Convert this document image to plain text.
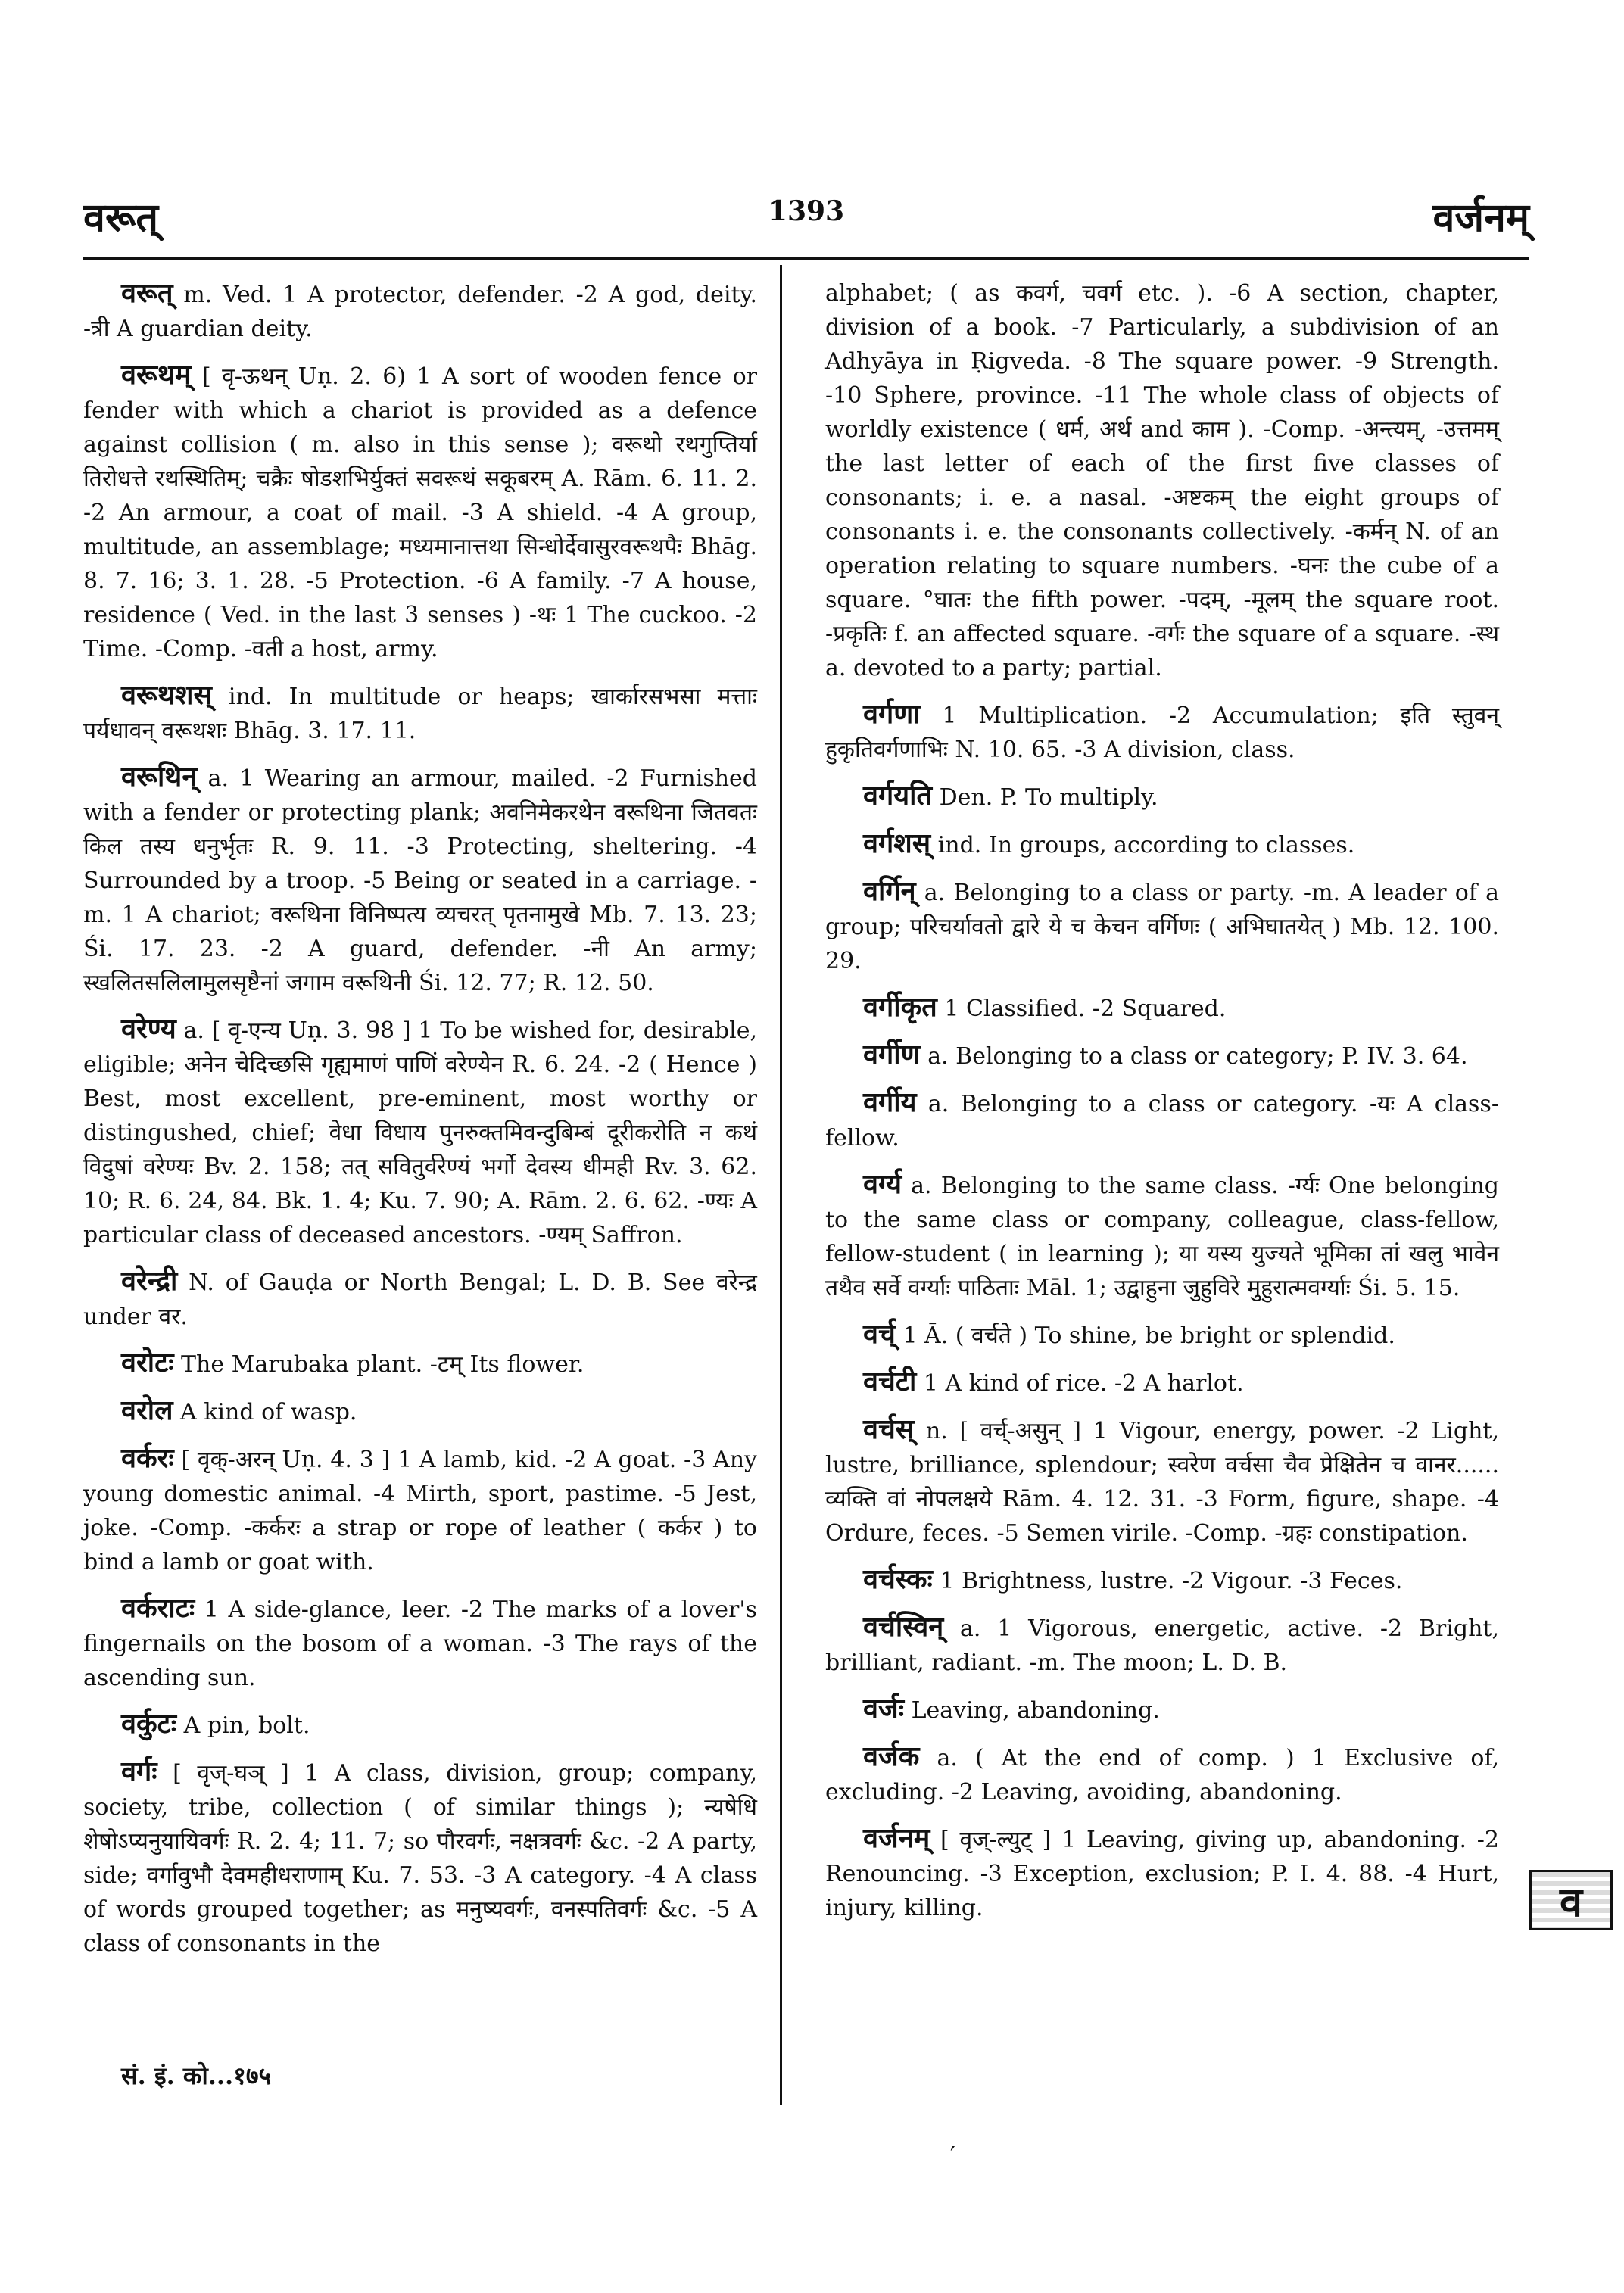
वरूत्	1393	वर्जनम्

वरूत् m. Ved. 1 A protector, defender. -2 A god, deity. -त्री A guardian deity.

वरूथम् [ वृ-ऊथन् Uṇ. 2. 6) 1 A sort of wooden fence or fender with which a chariot is provided as a defence against collision ( m. also in this sense ); वरूथो रथगुप्तिर्या तिरोधत्ते रथस्थितिम्; चक्रैः षोडशभिर्युक्तं सवरूथं सकूबरम् A. Rām. 6. 11. 2. -2 An armour, a coat of mail. -3 A shield. -4 A group, multitude, an assemblage; मध्यमानात्तथा सिन्धोर्देवासुरवरूथपैः Bhāg. 8. 7. 16; 3. 1. 28. -5 Protection. -6 A family. -7 A house, residence ( Ved. in the last 3 senses ) -थः 1 The cuckoo. -2 Time. -Comp. -वती a host, army.

वरूथशस् ind. In multitude or heaps; खार्कारसभसा मत्ताः पर्यधावन् वरूथशः Bhāg. 3. 17. 11.

वरूथिन् a. 1 Wearing an armour, mailed. -2 Furnished with a fender or protecting plank; अवनिमेकरथेन वरूथिना जितवतः किल तस्य धनुर्भृतः R. 9. 11. -3 Protecting, sheltering. -4 Surrounded by a troop. -5 Being or seated in a carriage. -m. 1 A chariot; वरूथिना विनिष्पत्य व्यचरत् पृतनामुखे Mb. 7. 13. 23; Śi. 17. 23. -2 A guard, defender. -नी An army; स्खलितसलिलामुलसृष्टैनां जगाम वरूथिनी Śi. 12. 77; R. 12. 50.

वरेण्य a. [ वृ-एन्य Uṇ. 3. 98 ] 1 To be wished for, desirable, eligible; अनेन चेदिच्छसि गृह्यमाणं पाणिं वरेण्येन R. 6. 24. -2 ( Hence ) Best, most excellent, pre-eminent, most worthy or distingushed, chief; वेधा विधाय पुनरुक्तमिवन्दुबिम्बं दूरीकरोति न कथं विदुषां वरेण्यः Bv. 2. 158; तत् सवितुर्वरेण्यं भर्गो देवस्य धीमही Rv. 3. 62. 10; R. 6. 24, 84. Bk. 1. 4; Ku. 7. 90; A. Rām. 2. 6. 62. -ण्यः A particular class of deceased ancestors. -ण्यम् Saffron.

वरेन्द्री N. of Gauḍa or North Bengal; L. D. B. See वरेन्द्र under वर.

वरोटः The Marubaka plant. -टम् Its flower.

वरोल A kind of wasp.

वर्करः [ वृक्-अरन् Uṇ. 4. 3 ] 1 A lamb, kid. -2 A goat. -3 Any young domestic animal. -4 Mirth, sport, pastime. -5 Jest, joke. -Comp. -कर्करः a strap or rope of leather ( कर्कर ) to bind a lamb or goat with.

वर्कराटः 1 A side-glance, leer. -2 The marks of a lover's fingernails on the bosom of a woman. -3 The rays of the ascending sun.

वर्कुटः A pin, bolt.

वर्गः [ वृज्-घञ् ] 1 A class, division, group; company, society, tribe, collection ( of similar things ); न्यषेधि शेषोऽप्यनुयायिवर्गः R. 2. 4; 11. 7; so पौरवर्गः, नक्षत्रवर्गः &c. -2 A party, side; वर्गावुभौ देवमहीधराणाम् Ku. 7. 53. -3 A category. -4 A class of words grouped together; as मनुष्यवर्गः, वनस्पतिवर्गः &c. -5 A class of consonants in the

alphabet; ( as कवर्ग, चवर्ग etc. ). -6 A section, chapter, division of a book. -7 Particularly, a subdivision of an Adhyāya in Ṛigveda. -8 The square power. -9 Strength. -10 Sphere, province. -11 The whole class of objects of worldly existence ( धर्म, अर्थ and काम ). -Comp. -अन्त्यम्, -उत्तमम् the last letter of each of the first five classes of consonants; i. e. a nasal. -अष्टकम् the eight groups of consonants i. e. the consonants collectively. -कर्मन् N. of an operation relating to square numbers. -घनः the cube of a square. °घातः the fifth power. -पदम्, -मूलम् the square root. -प्रकृतिः f. an affected square. -वर्गः the square of a square. -स्थ a. devoted to a party; partial.

वर्गणा 1 Multiplication. -2 Accumulation; इति स्तुवन् हुकृतिवर्गणाभिः N. 10. 65. -3 A division, class.

वर्गयति Den. P. To multiply.

वर्गशस् ind. In groups, according to classes.

वर्गिन् a. Belonging to a class or party. -m. A leader of a group; परिचर्यावतो द्वारे ये च केचन वर्गिणः ( अभिघातयेत् ) Mb. 12. 100. 29.

वर्गीकृत 1 Classified. -2 Squared.

वर्गीण a. Belonging to a class or category; P. IV. 3. 64.

वर्गीय a. Belonging to a class or category. -यः A class-fellow.

वर्ग्य a. Belonging to the same class. -र्ग्यः One belonging to the same class or company, colleague, class-fellow, fellow-student ( in learning ); या यस्य युज्यते भूमिका तां खलु भावेन तथैव सर्वे वर्ग्याः पाठिताः Māl. 1; उद्वाहुना जुहुविरे मुहुरात्मवर्ग्याः Śi. 5. 15.

वर्च् 1 Ā. ( वर्चते ) To shine, be bright or splendid.

वर्चटी 1 A kind of rice. -2 A harlot.

वर्चस् n. [ वर्च्-असुन् ] 1 Vigour, energy, power. -2 Light, lustre, brilliance, splendour; स्वरेण वर्चसा चैव प्रेक्षितेन च वानर...... व्यक्ति वां नोपलक्षये Rām. 4. 12. 31. -3 Form, figure, shape. -4 Ordure, feces. -5 Semen virile. -Comp. -ग्रहः constipation.

वर्चस्कः 1 Brightness, lustre. -2 Vigour. -3 Feces.

वर्चस्विन् a. 1 Vigorous, energetic, active. -2 Bright, brilliant, radiant. -m. The moon; L. D. B.

वर्जः Leaving, abandoning.

वर्जक a. ( At the end of comp. ) 1 Exclusive of, excluding. -2 Leaving, avoiding, abandoning.

वर्जनम् [ वृज्-ल्युट् ] 1 Leaving, giving up, abandoning. -2 Renouncing. -3 Exception, exclusion; P. I. 4. 88. -4 Hurt, injury, killing.

सं. इं. को...१७५
व
′
